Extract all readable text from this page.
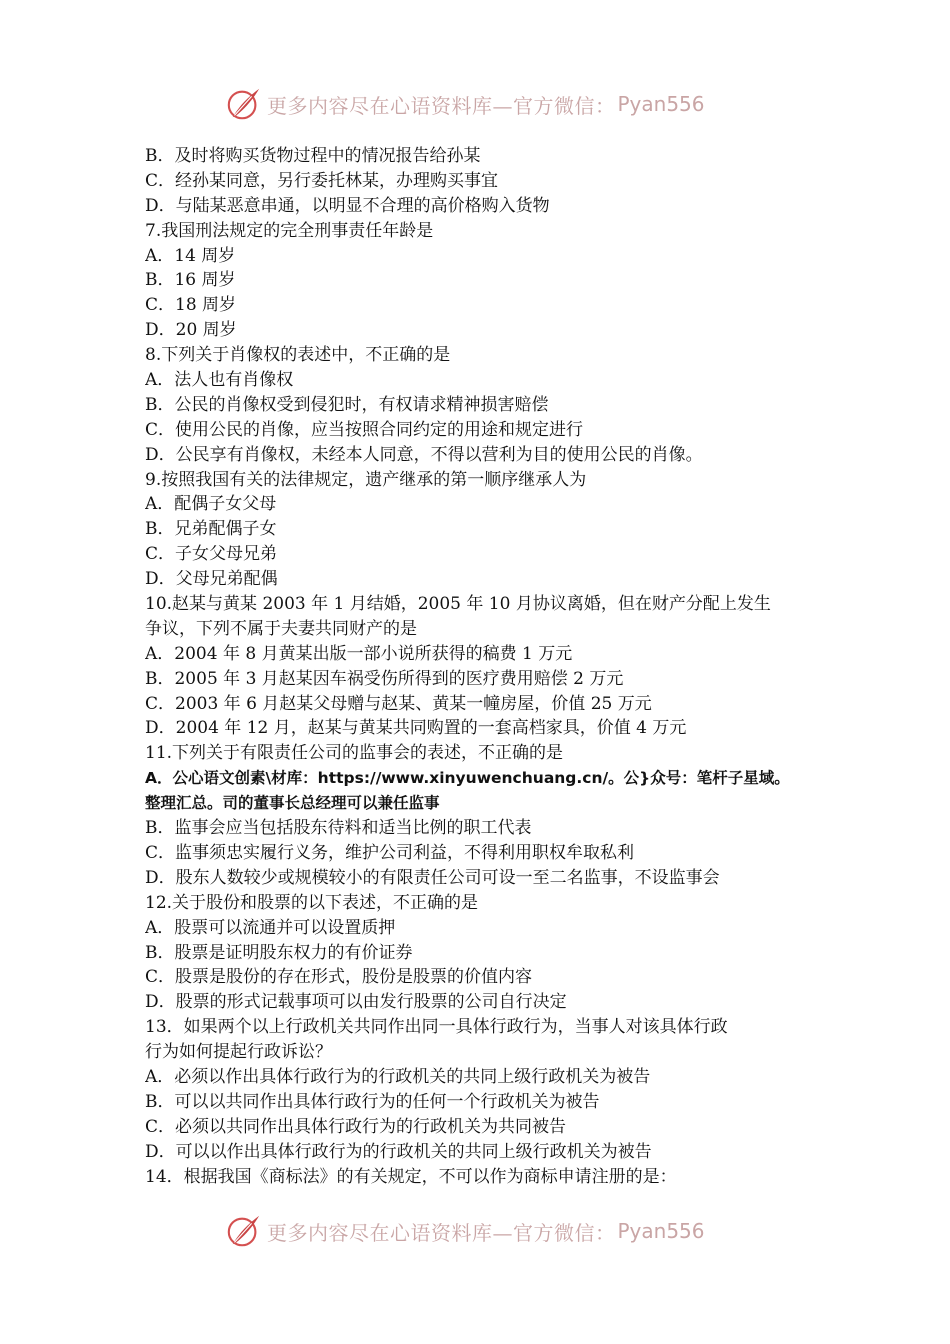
更多内容尽在心语资料库—官方微信： Pyan556
B．及时将购买货物过程中的情况报告给孙某
C．经孙某同意，另行委托林某，办理购买事宜
D．与陆某恶意串通，以明显不合理的高价格购入货物
7.我国刑法规定的完全刑事责任年龄是
A．14 周岁
B．16 周岁
C．18 周岁
D．20 周岁
8.下列关于肖像权的表述中，不正确的是
A．法人也有肖像权
B．公民的肖像权受到侵犯时，有权请求精神损害赔偿
C．使用公民的肖像，应当按照合同约定的用途和规定进行
D．公民享有肖像权，未经本人同意，不得以营利为目的使用公民的肖像。
9.按照我国有关的法律规定，遗产继承的第一顺序继承人为
A．配偶子女父母
B．兄弟配偶子女
C．子女父母兄弟
D．父母兄弟配偶
10.赵某与黄某 2003 年 1 月结婚，2005 年 10 月协议离婚，但在财产分配上发生
争议，下列不属于夫妻共同财产的是
A．2004 年 8 月黄某出版一部小说所获得的稿费 1 万元
B．2005 年 3 月赵某因车祸受伤所得到的医疗费用赔偿 2 万元
C．2003 年 6 月赵某父母赠与赵某、黄某一幢房屋，价值 25 万元
D．2004 年 12 月，赵某与黄某共同购置的一套高档家具，价值 4 万元
11.下列关于有限责任公司的监事会的表述，不正确的是
A．公心语文创素\材库：https://www.xinyuwenchuang.cn/。公}众号：笔杆子星域。
整理汇总。司的董事长总经理可以兼任监事
B．监事会应当包括股东待料和适当比例的职工代表
C．监事须忠实履行义务，维护公司利益，不得利用职权牟取私利
D．股东人数较少或规模较小的有限责任公司可设一至二名监事，不设监事会
12.关于股份和股票的以下表述，不正确的是
A．股票可以流通并可以设置质押
B．股票是证明股东权力的有价证券
C．股票是股份的存在形式，股份是股票的价值内容
D．股票的形式记载事项可以由发行股票的公司自行决定
13．如果两个以上行政机关共同作出同一具体行政行为，当事人对该具体行政
行为如何提起行政诉讼？
A．必须以作出具体行政行为的行政机关的共同上级行政机关为被告
B．可以以共同作出具体行政行为的任何一个行政机关为被告
C．必须以共同作出具体行政行为的行政机关为共同被告
D．可以以作出具体行政行为的行政机关的共同上级行政机关为被告
14．根据我国《商标法》的有关规定，不可以作为商标申请注册的是：
更多内容尽在心语资料库—官方微信： Pyan556
